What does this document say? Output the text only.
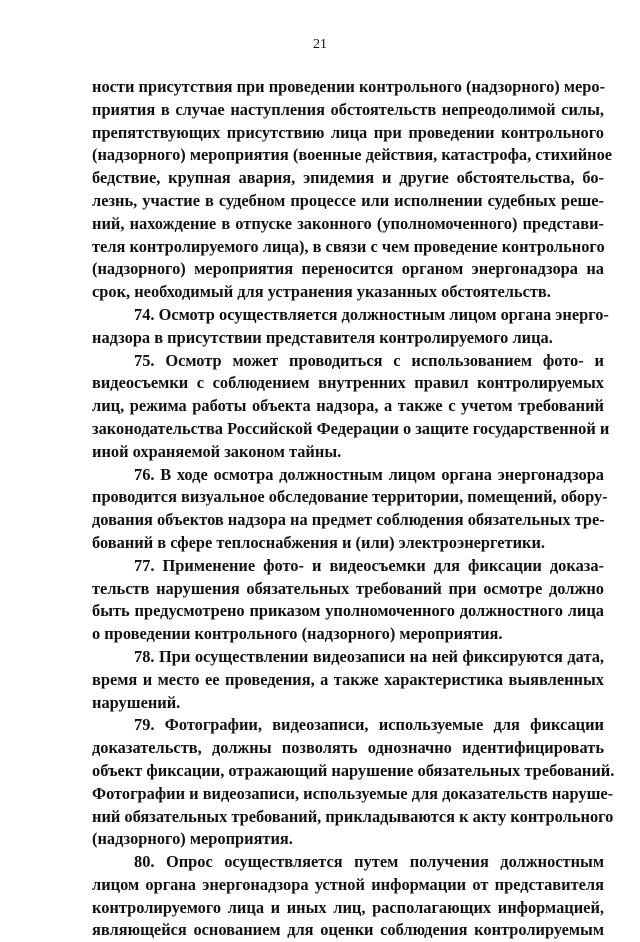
21
ности присутствия при проведении контрольного (надзорного) меро-
приятия в случае наступления обстоятельств непреодолимой силы,
препятствующих присутствию лица при проведении контрольного
(надзорного) мероприятия (военные действия, катастрофа, стихийное
бедствие, крупная авария, эпидемия и другие обстоятельства, бо-
лезнь, участие в судебном процессе или исполнении судебных реше-
ний, нахождение в отпуске законного (уполномоченного) представи-
теля контролируемого лица), в связи с чем проведение контрольного
(надзорного) мероприятия переносится органом энергонадзора на
срок, необходимый для устранения указанных обстоятельств.
74. Осмотр осуществляется должностным лицом органа энерго-
надзора в присутствии представителя контролируемого лица.
75. Осмотр может проводиться с использованием фото- и
видеосъемки с соблюдением внутренних правил контролируемых
лиц, режима работы объекта надзора, а также с учетом требований
законодательства Российской Федерации о защите государственной и
иной охраняемой законом тайны.
76. В ходе осмотра должностным лицом органа энергонадзора
проводится визуальное обследование территории, помещений, обору-
дования объектов надзора на предмет соблюдения обязательных тре-
бований в сфере теплоснабжения и (или) электроэнергетики.
77. Применение фото- и видеосъемки для фиксации доказа-
тельств нарушения обязательных требований при осмотре должно
быть предусмотрено приказом уполномоченного должностного лица
о проведении контрольного (надзорного) мероприятия.
78. При осуществлении видеозаписи на ней фиксируются дата,
время и место ее проведения, а также характеристика выявленных
нарушений.
79. Фотографии, видеозаписи, используемые для фиксации
доказательств, должны позволять однозначно идентифицировать
объект фиксации, отражающий нарушение обязательных требований.
Фотографии и видеозаписи, используемые для доказательств наруше-
ний обязательных требований, прикладываются к акту контрольного
(надзорного) мероприятия.
80. Опрос осуществляется путем получения должностным
лицом органа энергонадзора устной информации от представителя
контролируемого лица и иных лиц, располагающих информацией,
являющейся основанием для оценки соблюдения контролируемым
